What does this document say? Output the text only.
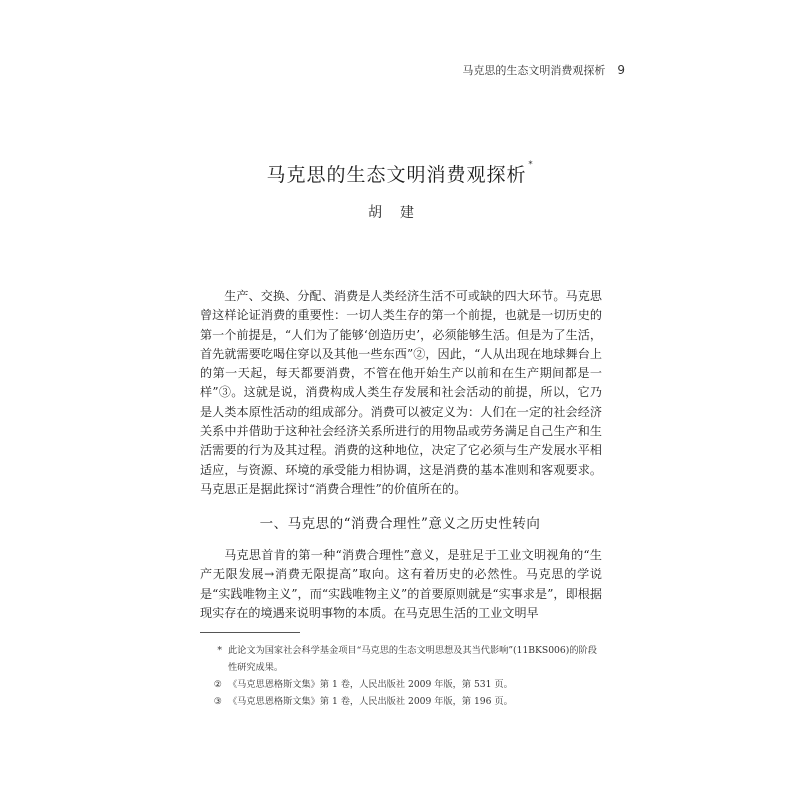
马克思的生态文明消费观探析 9
马克思的生态文明消费观探析 *
胡建

生产、交换、分配、消费是人类经济生活不可或缺的四大环节。马克思曾这样论证消费的重要性：一切人类生存的第一个前提，也就是一切历史的第一个前提是，“人们为了能够‘创造历史’，必须能够生活。但是为了生活，首先就需要吃喝住穿以及其他一些东西”②，因此，“人从出现在地球舞台上的第一天起，每天都要消费，不管在他开始生产以前和在生产期间都是一样”③。这就是说，消费构成人类生存发展和社会活动的前提，所以，它乃是人类本原性活动的组成部分。消费可以被定义为：人们在一定的社会经济关系中并借助于这种社会经济关系所进行的用物品或劳务满足自己生产和生活需要的行为及其过程。消费的这种地位，决定了它必须与生产发展水平相适应，与资源、环境的承受能力相协调，这是消费的基本准则和客观要求。马克思正是据此探讨“消费合理性”的价值所在的。

一、马克思的“消费合理性”意义之历史性转向

马克思首肯的第一种“消费合理性”意义，是驻足于工业文明视角的“生产无限发展→消费无限提高”取向。这有着历史的必然性。马克思的学说是“实践唯物主义”，而“实践唯物主义”的首要原则就是“实事求是”，即根据现实存在的境遇来说明事物的本质。在马克思生活的工业文明早

* 此论文为国家社会科学基金项目“马克思的生态文明思想及其当代影响”(11BKS006)的阶段性研究成果。
② 《马克思恩格斯文集》第 1 卷，人民出版社 2009 年版，第 531 页。
③ 《马克思恩格斯文集》第 1 卷，人民出版社 2009 年版，第 196 页。
